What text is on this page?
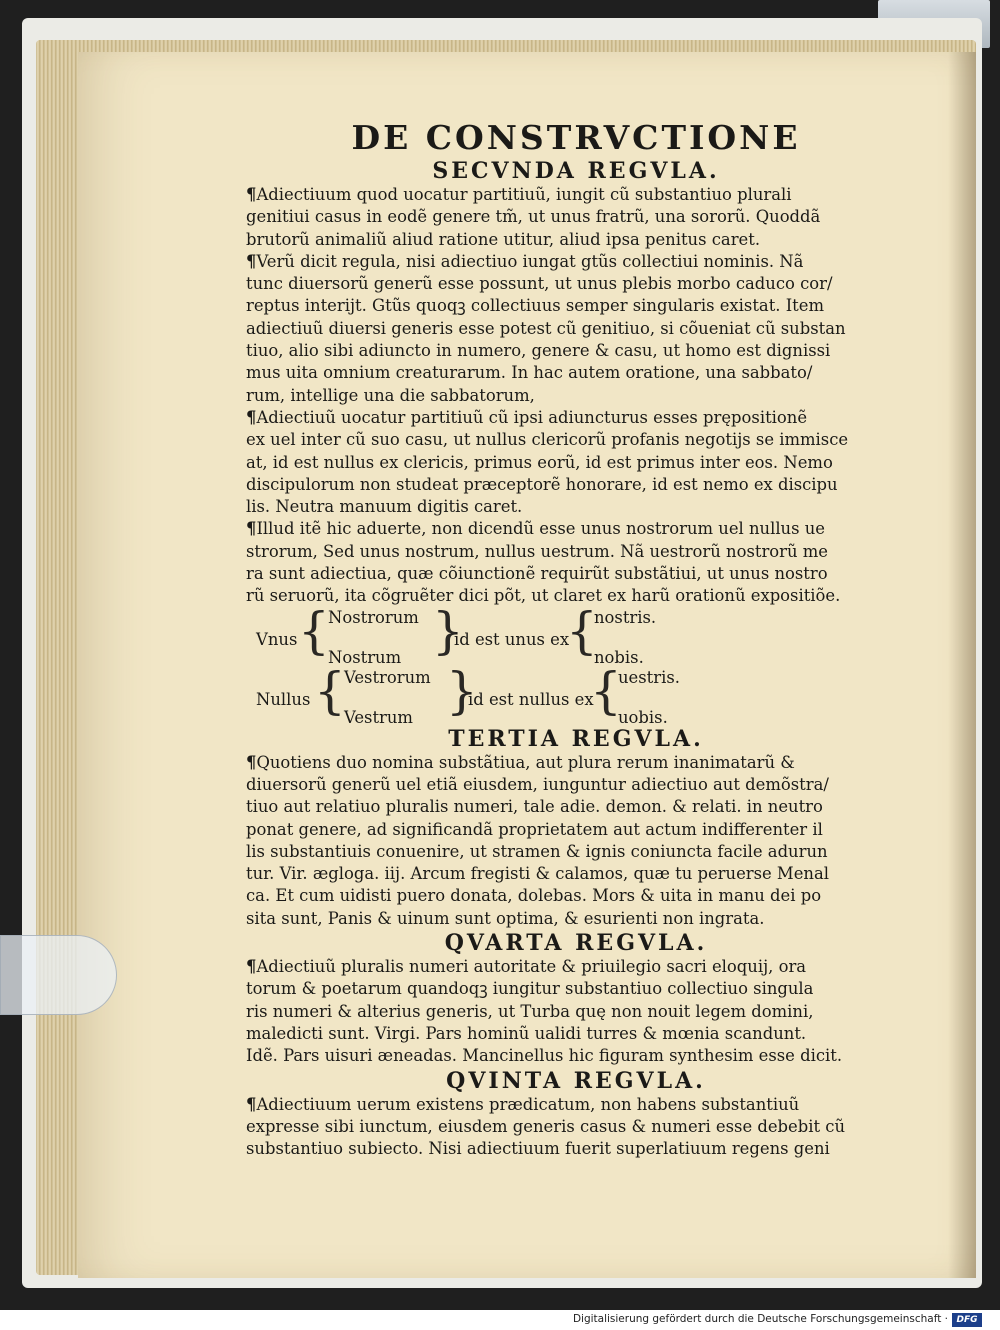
DE CONSTRVCTIONE
SECVNDA REGVLA.
¶Adiectiuum quod uocatur partitiuũ, iungit cũ substantiuo plurali
genitiui casus in eodẽ genere tm̃, ut unus fratrũ, una sororũ. Quoddã
brutorũ animaliũ aliud ratione utitur, aliud ipsa penitus caret.
¶Verũ dicit regula, nisi adiectiuo iungat gtũs collectiui nominis. Nã
tunc diuersorũ generũ esse possunt, ut unus plebis morbo caduco cor/
reptus interijt. Gtũs quoqꝫ collectiuus semper singularis existat. Item
adiectiuũ diuersi generis esse potest cũ genitiuo, si cõueniat cũ substan
tiuo, alio sibi adiuncto in numero, genere & casu, ut homo est dignissi
mus uita omnium creaturarum. In hac autem oratione, una sabbato/
rum, intellige una die sabbatorum,
¶Adiectiuũ uocatur partitiuũ cũ ipsi adiuncturus esses prępositionẽ
ex uel inter cũ suo casu, ut nullus clericorũ profanis negotijs se immisce
at, id est nullus ex clericis, primus eorũ, id est primus inter eos. Nemo
discipulorum non studeat præceptorẽ honorare, id est nemo ex discipu
lis. Neutra manuum digitis caret.
¶Illud itẽ hic aduerte, non dicendũ esse unus nostrorum uel nullus ue
strorum, Sed unus nostrum, nullus uestrum. Nã uestrorũ nostrorũ me
ra sunt adiectiua, quæ cõiunctionẽ requirũt substãtiui, ut unus nostro
rũ seruorũ, ita cõgruẽter dici põt, ut claret ex harũ orationũ expositiõe.
Vnus {
Nostrorum
Nostrum }
id est unus ex
{
nostris.
nobis.
Nullus {
Vestrorum
Vestrum }
id est nullus ex
{
uestris.
uobis.
TERTIA REGVLA.
¶Quotiens duo nomina substãtiua, aut plura rerum inanimatarũ &
diuersorũ generũ uel etiã eiusdem, iunguntur adiectiuo aut demõstra/
tiuo aut relatiuo pluralis numeri, tale adie. demon. & relati. in neutro
ponat genere, ad significandã proprietatem aut actum indifferenter il
lis substantiuis conuenire, ut stramen & ignis coniuncta facile adurun
tur. Vir. ægloga. iij. Arcum fregisti & calamos, quæ tu peruerse Menal
ca. Et cum uidisti puero donata, dolebas. Mors & uita in manu dei po
sita sunt, Panis & uinum sunt optima, & esurienti non ingrata.
QVARTA REGVLA.
¶Adiectiuũ pluralis numeri autoritate & priuilegio sacri eloquij, ora
torum & poetarum quandoqꝫ iungitur substantiuo collectiuo singula
ris numeri & alterius generis, ut Turba quę non nouit legem domini,
maledicti sunt. Virgi. Pars hominũ ualidi turres & mœnia scandunt.
Idẽ. Pars uisuri æneadas. Mancinellus hic figuram synthesim esse dicit.
QVINTA REGVLA.
¶Adiectiuum uerum existens prædicatum, non habens substantiuũ
expresse sibi iunctum, eiusdem generis casus & numeri esse debebit cũ
substantiuo subiecto. Nisi adiectiuum fuerit superlatiuum regens geni
Digitalisierung gefördert durch die Deutsche Forschungsgemeinschaft · DFG
